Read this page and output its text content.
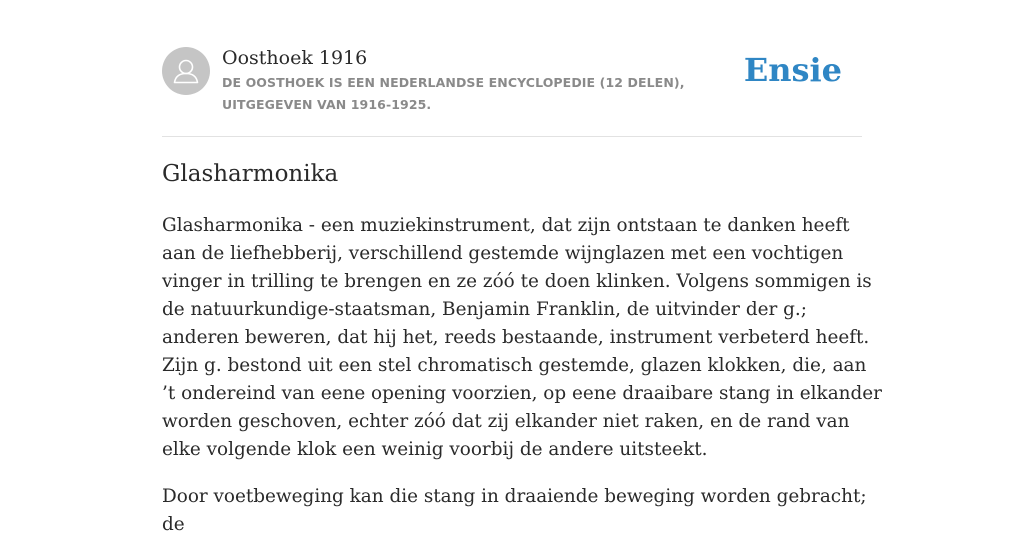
Oosthoek 1916
DE OOSTHOEK IS EEN NEDERLANDSE ENCYCLOPEDIE (12 DELEN), UITGEGEVEN VAN 1916-1925.
Ensie
Glasharmonika

Glasharmonika - een muziekinstrument, dat zijn ontstaan te danken heeft aan de liefhebberij, verschillend gestemde wijnglazen met een vochtigen vinger in trilling te brengen en ze zóó te doen klinken. Volgens sommigen is de natuurkundige-staatsman, Benjamin Franklin, de uitvinder der g.; anderen beweren, dat hij het, reeds bestaande, instrument verbeterd heeft. Zijn g. bestond uit een stel chromatisch gestemde, glazen klokken, die, aan ’t ondereind van eene opening voorzien, op eene draaibare stang in elkander worden geschoven, echter zóó dat zij elkander niet raken, en de rand van elke volgende klok een weinig voorbij de andere uitsteekt.

Door voetbeweging kan die stang in draaiende beweging worden gebracht; de
